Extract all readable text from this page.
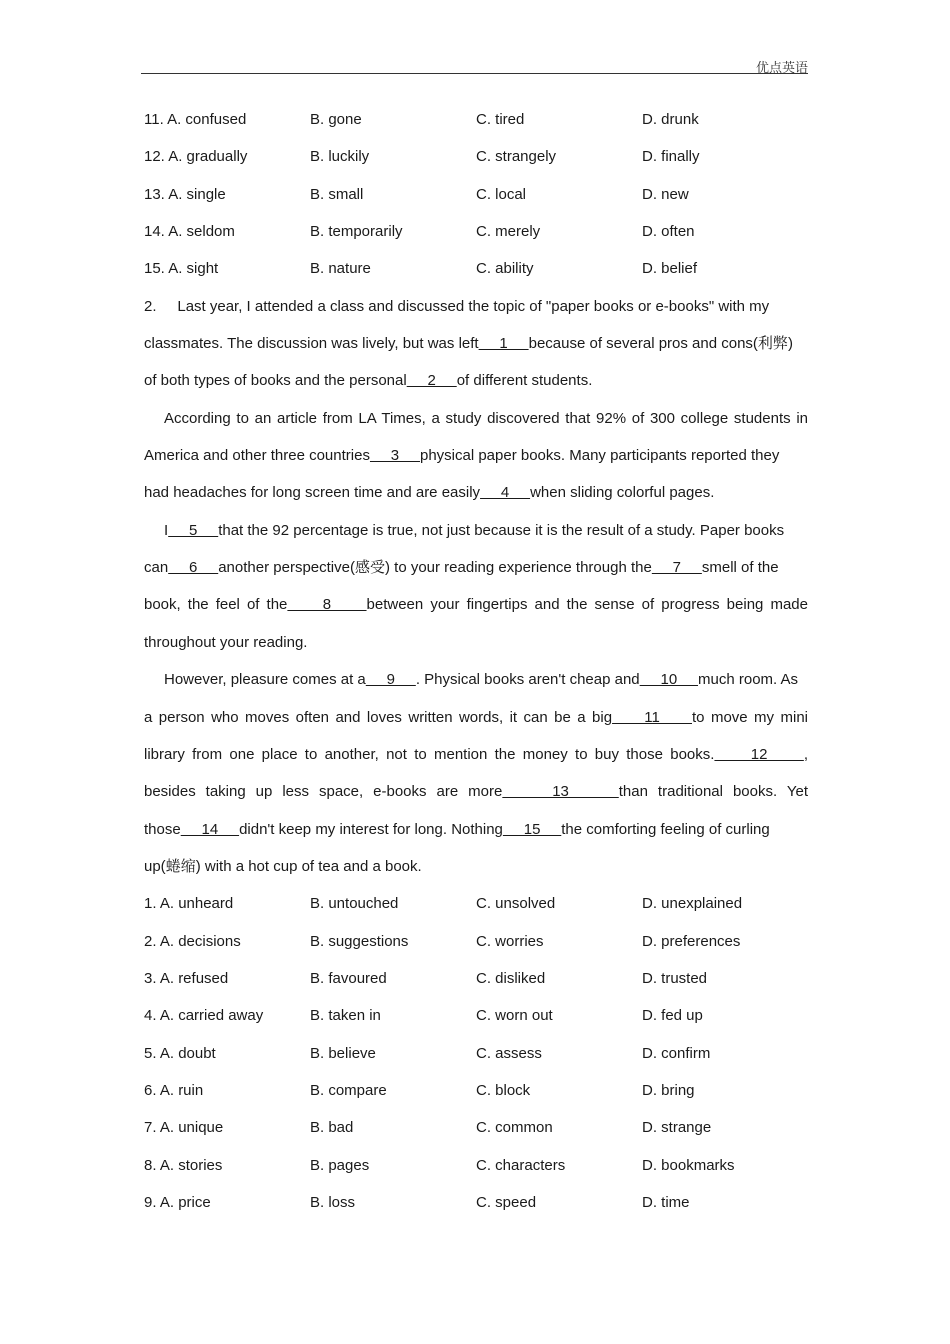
优点英语
11. A. confused	B. gone	C. tired	D. drunk
12. A. gradually	B. luckily	C. strangely	D. finally
13. A. single	B. small	C. local	D. new
14. A. seldom	B. temporarily	C. merely	D. often
15. A. sight	B. nature	C. ability	D. belief
2.     Last year, I attended a class and discussed the topic of "paper books or e-books" with my
classmates. The discussion was lively, but was left     1     because of several pros and cons(利弊)
of both types of books and the personal     2     of different students.
According to an article from LA Times, a study discovered that 92% of 300 college students in
America and other three countries     3     physical paper books. Many participants reported they
had headaches for long screen time and are easily     4     when sliding colorful pages.
I     5     that the 92 percentage is true, not just because it is the result of a study. Paper books
can     6     another perspective(感受) to your reading experience through the     7     smell of the
book, the feel of the     8     between your fingertips and the sense of progress being made
throughout your reading.
However, pleasure comes at a     9     . Physical books aren't cheap and     10     much room. As
a person who moves often and loves written words, it can be a big     11     to move my mini
library from one place to another, not to mention the money to buy those books.     12     ,
besides taking up less space, e-books are more     13     than traditional books. Yet
those     14     didn't keep my interest for long. Nothing     15     the comforting feeling of curling
up(蜷缩) with a hot cup of tea and a book.
1. A. unheard	B. untouched	C. unsolved	D. unexplained
2. A. decisions	B. suggestions	C. worries	D. preferences
3. A. refused	B. favoured	C. disliked	D. trusted
4. A. carried away	B. taken in	C. worn out	D. fed up
5. A. doubt	B. believe	C. assess	D. confirm
6. A. ruin	B. compare	C. block	D. bring
7. A. unique	B. bad	C. common	D. strange
8. A. stories	B. pages	C. characters	D. bookmarks
9. A. price	B. loss	C. speed	D. time
